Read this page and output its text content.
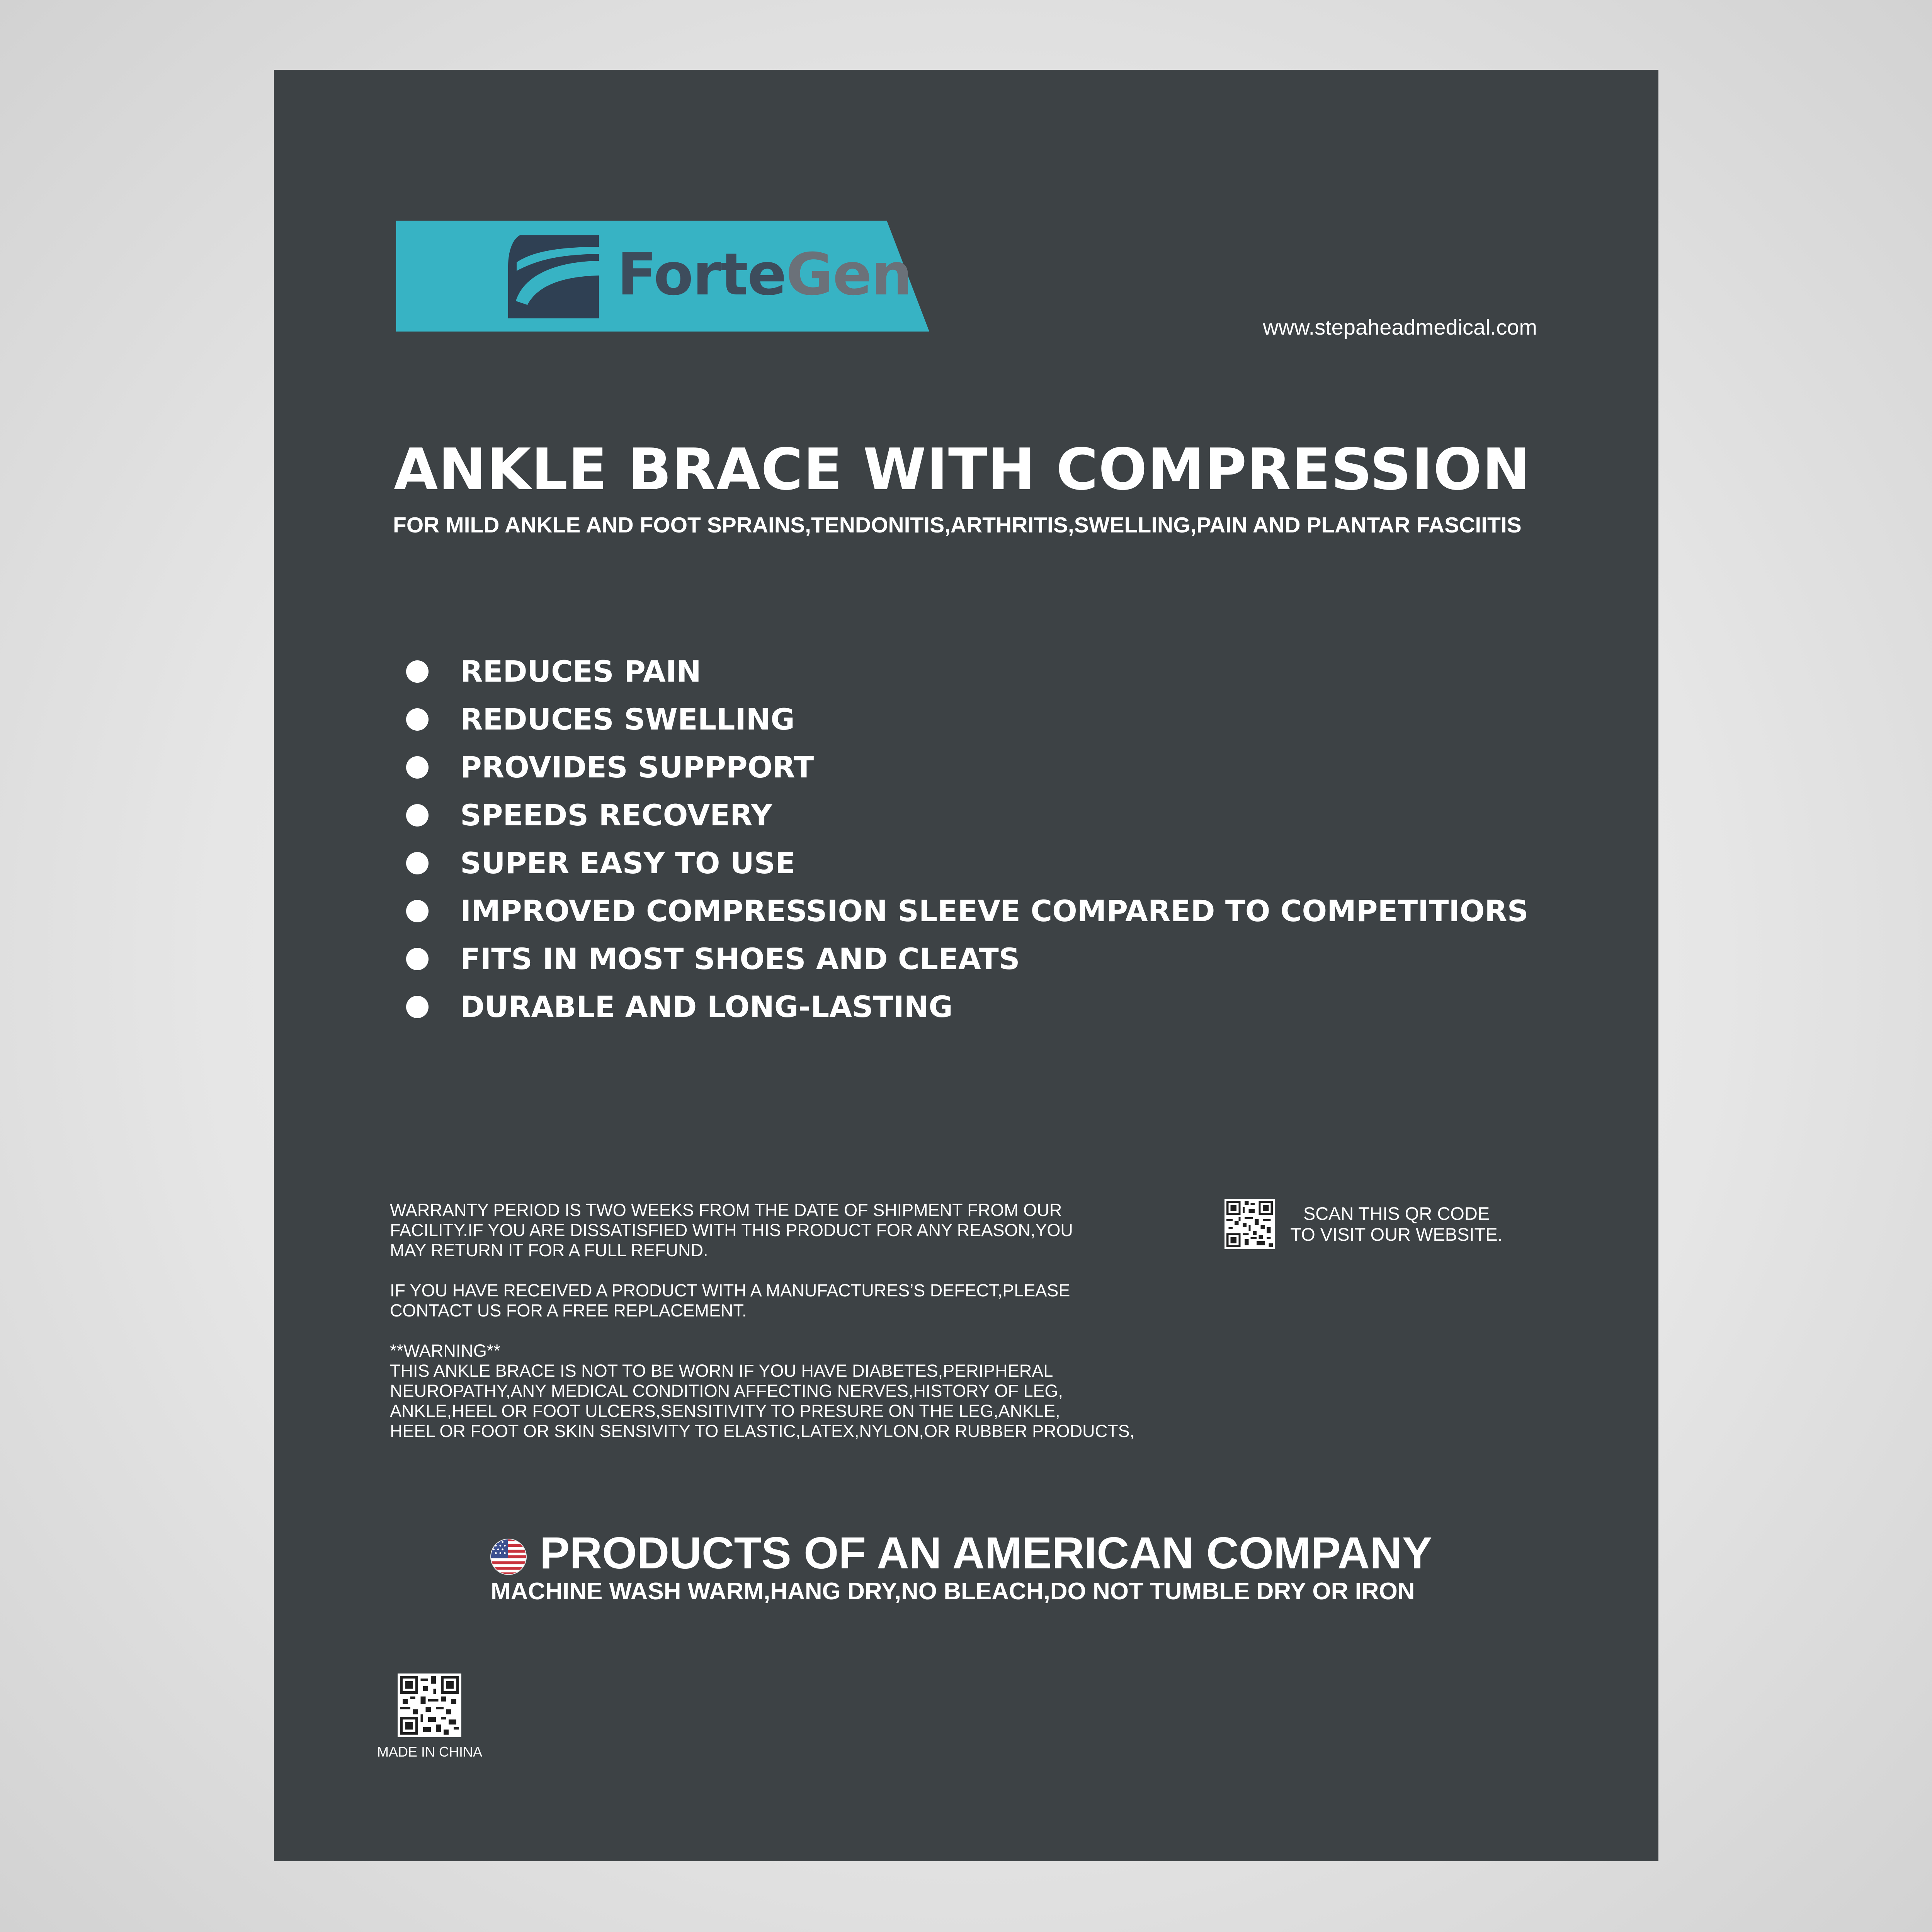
ForteGen
www.stepaheadmedical.com
ANKLE BRACE WITH COMPRESSION
FOR MILD ANKLE AND FOOT SPRAINS,TENDONITIS,ARTHRITIS,SWELLING,PAIN AND PLANTAR FASCIITIS
REDUCES PAIN
REDUCES SWELLING
PROVIDES SUPPPORT
SPEEDS RECOVERY
SUPER EASY TO USE
IMPROVED COMPRESSION SLEEVE COMPARED TO COMPETITIORS
FITS IN MOST SHOES AND CLEATS
DURABLE AND LONG-LASTING

WARRANTY PERIOD IS TWO WEEKS FROM THE DATE OF SHIPMENT FROM OUR
FACILITY.IF YOU ARE DISSATISFIED WITH THIS PRODUCT FOR ANY REASON,YOU
MAY RETURN IT FOR A FULL REFUND.

IF YOU HAVE RECEIVED A PRODUCT WITH A MANUFACTURES’S DEFECT,PLEASE
CONTACT US FOR A FREE REPLACEMENT.

**WARNING**

THIS ANKLE BRACE IS NOT TO BE WORN IF YOU HAVE DIABETES,PERIPHERAL
NEUROPATHY,ANY MEDICAL CONDITION AFFECTING NERVES,HISTORY OF LEG,
ANKLE,HEEL OR FOOT ULCERS,SENSITIVITY TO PRESURE ON THE LEG,ANKLE,
HEEL OR FOOT OR SKIN SENSIVITY TO ELASTIC,LATEX,NYLON,OR RUBBER PRODUCTS,

SCAN THIS QR CODE
TO VISIT OUR WEBSITE.
PRODUCTS OF AN AMERICAN COMPANY
MACHINE WASH WARM,HANG DRY,NO BLEACH,DO NOT TUMBLE DRY OR IRON
MADE IN CHINA
